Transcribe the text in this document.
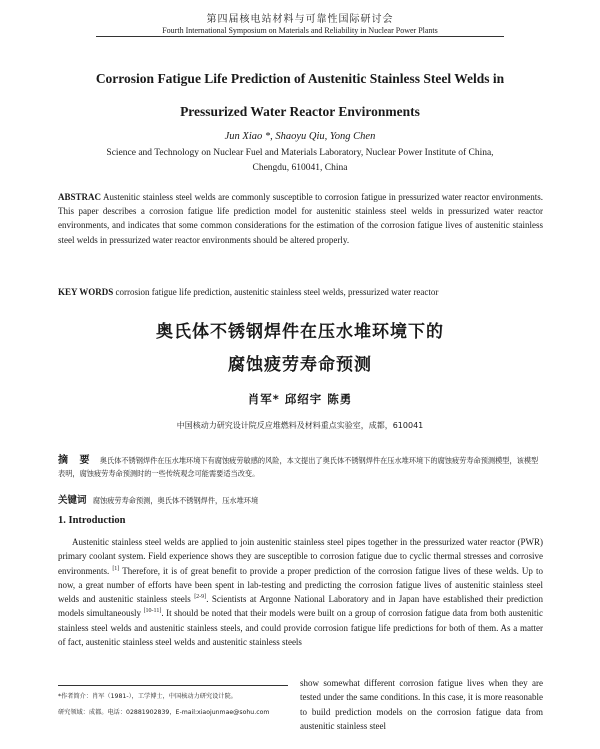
第四届核电站材料与可靠性国际研讨会
Fourth International Symposium on Materials and Reliability in Nuclear Power Plants
Corrosion Fatigue Life Prediction of Austenitic Stainless Steel Welds in
Pressurized Water Reactor Environments
Jun Xiao *, Shaoyu Qiu, Yong Chen
Science and Technology on Nuclear Fuel and Materials Laboratory, Nuclear Power Institute of China,
Chengdu, 610041, China
ABSTRAC Austenitic stainless steel welds are commonly susceptible to corrosion fatigue in pressurized water reactor environments. This paper describes a corrosion fatigue life prediction model for austenitic stainless steel welds in pressurized water reactor environments, and indicates that some common considerations for the estimation of the corrosion fatigue lives of austenitic stainless steel welds in pressurized water reactor environments should be altered properly.
KEY WORDS corrosion fatigue life prediction, austenitic stainless steel welds, pressurized water reactor
奥氏体不锈钢焊件在压水堆环境下的
腐蚀疲劳寿命预测
肖军* 邱绍宇 陈勇
中国核动力研究设计院反应堆燃料及材料重点实验室，成都，610041
摘 要 奥氏体不锈钢焊件在压水堆环境下有腐蚀疲劳敏感的风险，本文提出了奥氏体不锈钢焊件在压水堆环境下的腐蚀疲劳寿命预测模型，该模型表明，腐蚀疲劳寿命预测时的一些传统观念可能需要适当改变。
关键词 腐蚀疲劳寿命预测，奥氏体不锈钢焊件，压水堆环境
1. Introduction

Austenitic stainless steel welds are applied to join austenitic stainless steel pipes together in the pressurized water reactor (PWR) primary coolant system. Field experience shows they are susceptible to corrosion fatigue due to cyclic thermal stresses and corrosive environments. [1] Therefore, it is of great benefit to provide a proper prediction of the corrosion fatigue lives of these welds. Up to now, a great number of efforts have been spent in lab-testing and predicting the corrosion fatigue lives of austenitic stainless steel welds and austenitic stainless steels [2-9]. Scientists at Argonne National Laboratory and in Japan have established their prediction models simultaneously [10-11]. It should be noted that their models were built on a group of corrosion fatigue data from both austenitic stainless steel welds and austenitic stainless steels, and could provide corrosion fatigue life predictions for both of them. As a matter of fact, austenitic stainless steel welds and austenitic stainless steels

show somewhat different corrosion fatigue lives when they are tested under the same conditions. In this case, it is more reasonable to build prediction models on the corrosion fatigue data from austenitic stainless steel
*作者简介：肖军（1981-），工学博士，中国核动力研究设计院。
研究领域：成都。电话：02881902839，E-mail:xiaojunmae@sohu.com
